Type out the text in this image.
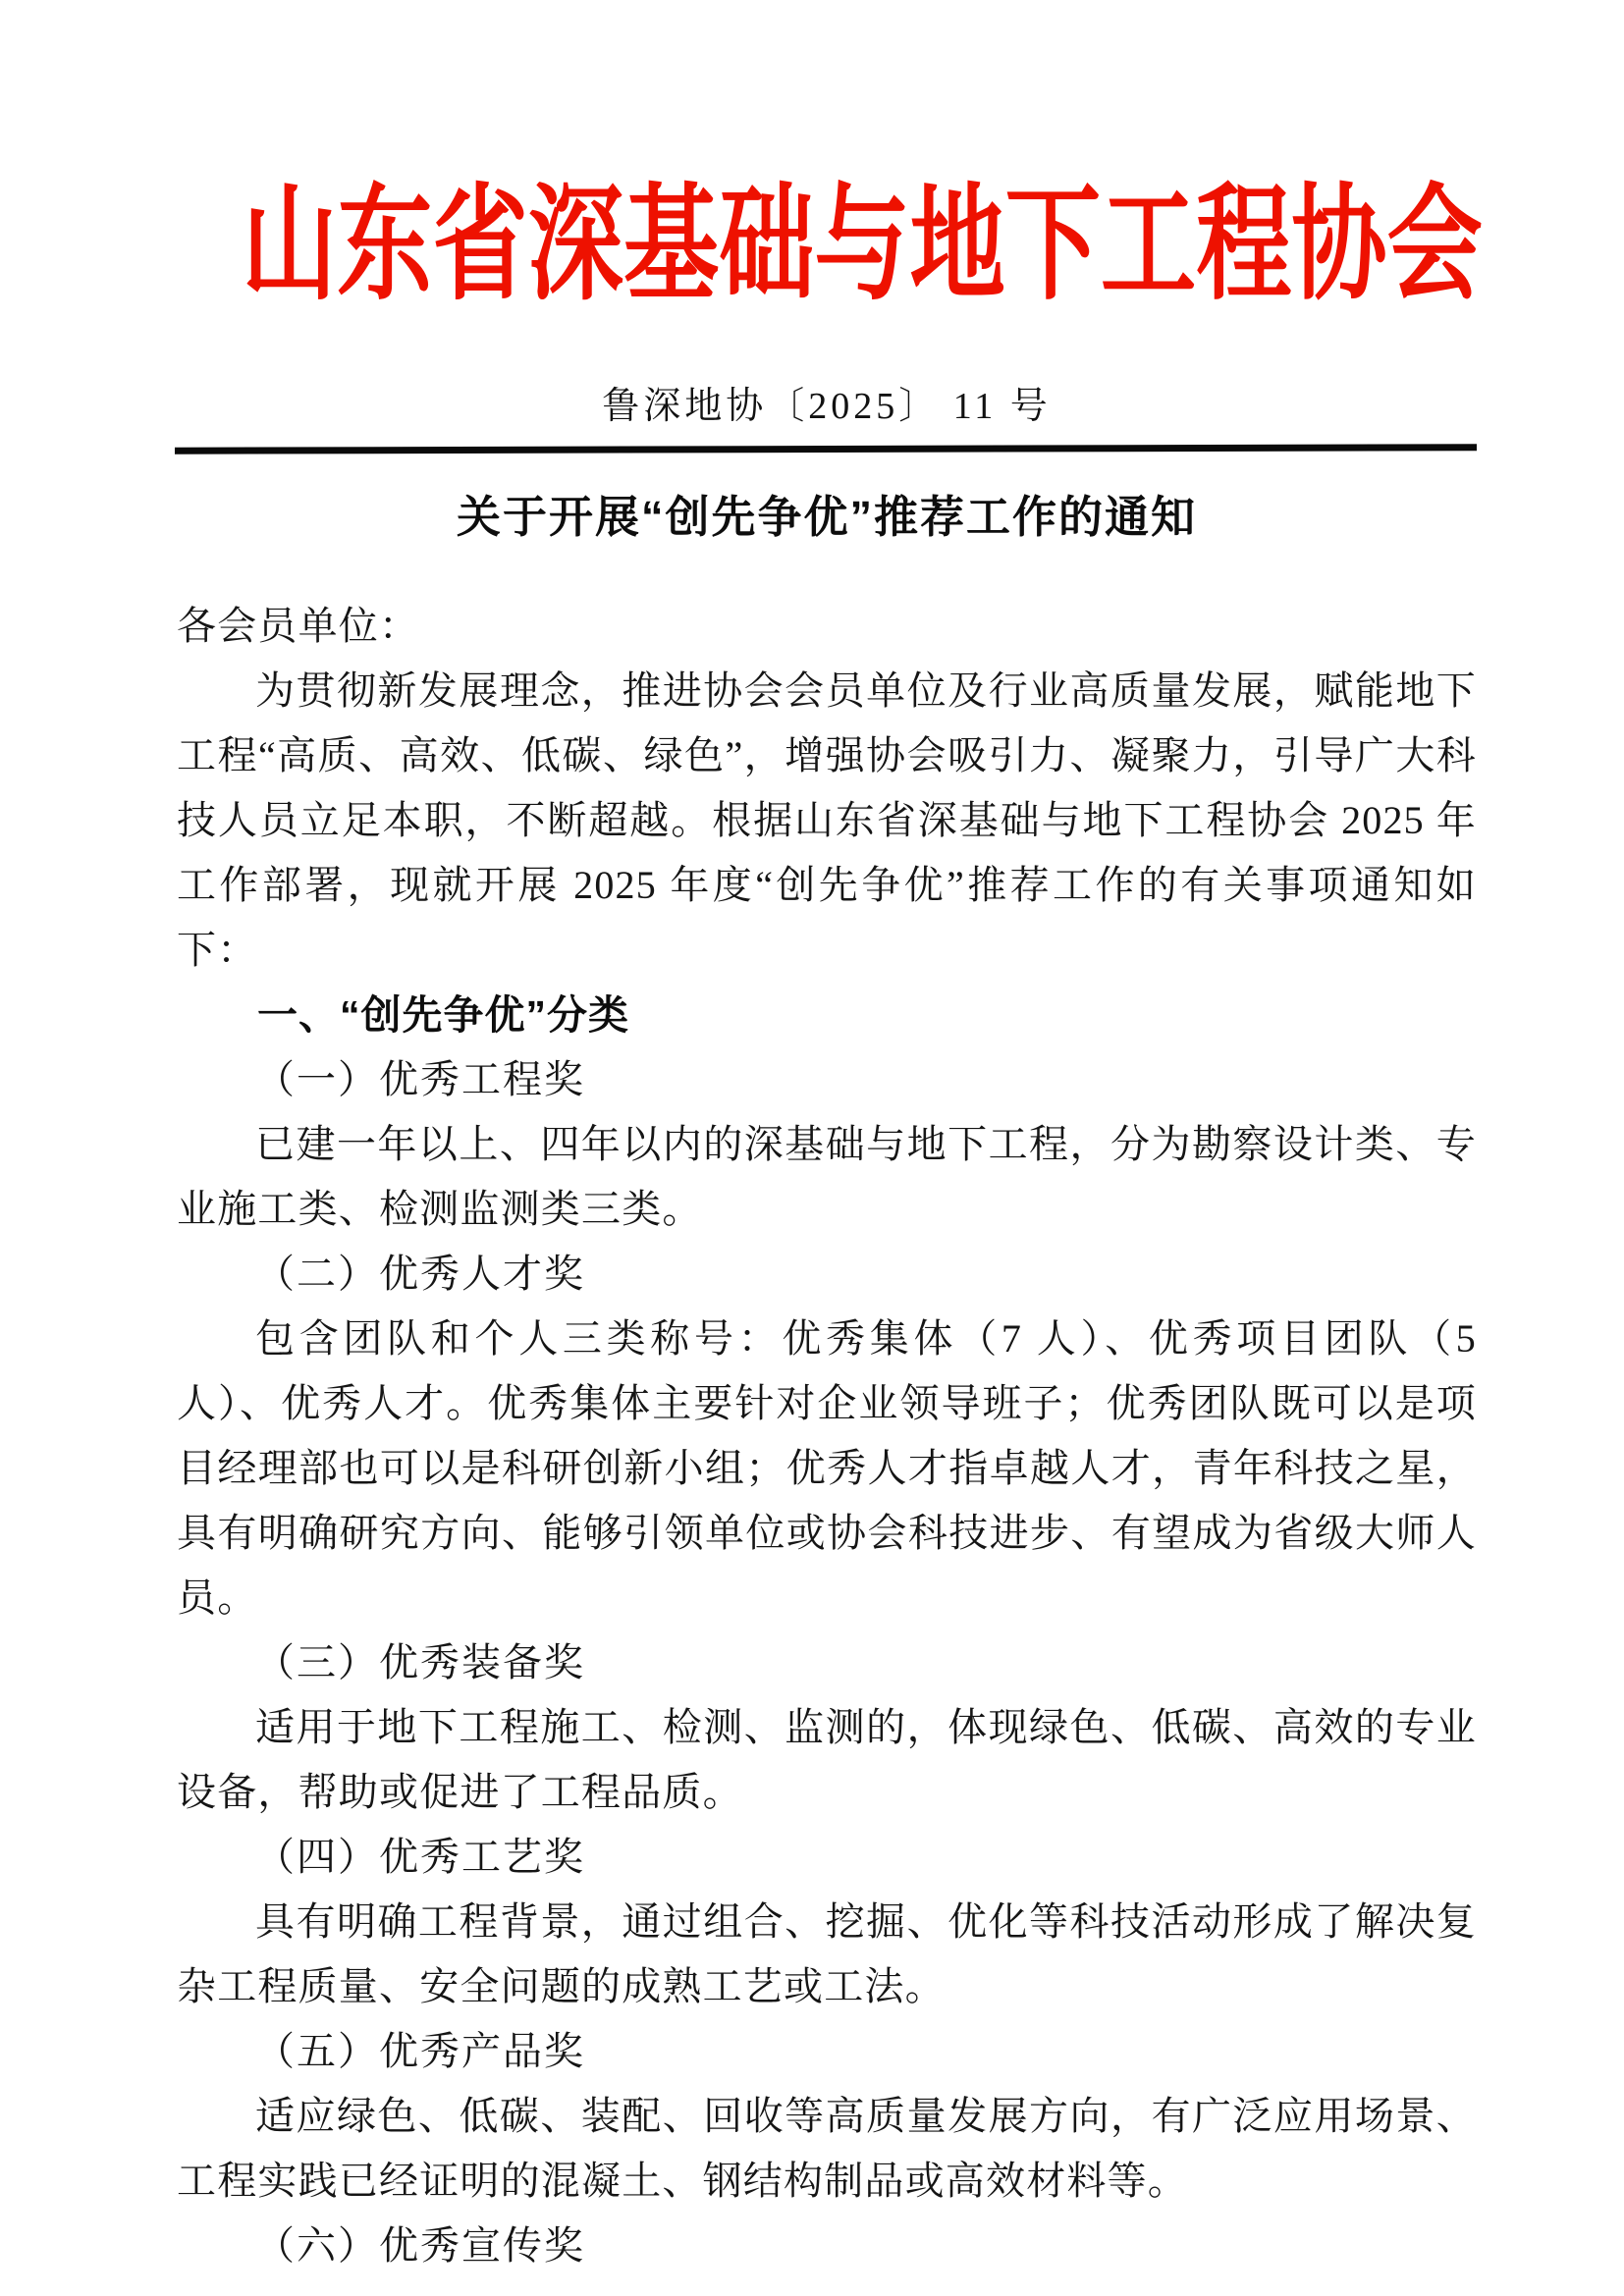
山东省深基础与地下工程协会
鲁深地协〔2025〕 11 号
关于开展“创先争优”推荐工作的通知

各会员单位：

为贯彻新发展理念，推进协会会员单位及行业高质量发展，赋能地下工程“高质、高效、低碳、绿色”，增强协会吸引力、凝聚力，引导广大科技人员立足本职，不断超越。根据山东省深基础与地下工程协会 2025 年工作部署，现就开展 2025 年度“创先争优”推荐工作的有关事项通知如下：

一、“创先争优”分类

（一）优秀工程奖

已建一年以上、四年以内的深基础与地下工程，分为勘察设计类、专业施工类、检测监测类三类。

（二）优秀人才奖

包含团队和个人三类称号：优秀集体（7 人）、优秀项目团队（5 人）、优秀人才。优秀集体主要针对企业领导班子；优秀团队既可以是项目经理部也可以是科研创新小组；优秀人才指卓越人才，青年科技之星，具有明确研究方向、能够引领单位或协会科技进步、有望成为省级大师人员。

（三）优秀装备奖

适用于地下工程施工、检测、监测的，体现绿色、低碳、高效的专业设备，帮助或促进了工程品质。

（四）优秀工艺奖

具有明确工程背景，通过组合、挖掘、优化等科技活动形成了解决复杂工程质量、安全问题的成熟工艺或工法。

（五）优秀产品奖

适应绿色、低碳、装配、回收等高质量发展方向，有广泛应用场景、工程实践已经证明的混凝土、钢结构制品或高效材料等。

（六）优秀宣传奖
